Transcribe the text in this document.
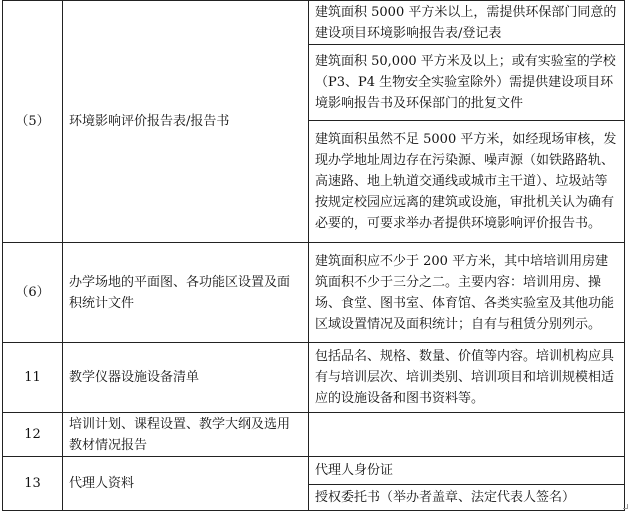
（5）	环境影响评价报告表/报告书	建筑面积 5000 平方米以上，需提供环保部门同意的建设项目环境影响报告表/登记表
		建筑面积 50,000 平方米及以上；或有实验室的学校（P3、P4 生物安全实验室除外）需提供建设项目环境影响报告书及环保部门的批复文件
		建筑面积虽然不足 5000 平方米，如经现场审核，发现办学地址周边存在污染源、噪声源（如铁路路轨、高速路、地上轨道交通线或城市主干道）、垃圾站等按规定校园应远离的建筑或设施，审批机关认为确有必要的，可要求举办者提供环境影响评价报告书。
（6）	办学场地的平面图、各功能区设置及面积统计文件	建筑面积应不少于 200 平方米，其中培培训用房建筑面积不少于三分之二。主要内容：培训用房、操场、食堂、图书室、体育馆、各类实验室及其他功能区域设置情况及面积统计；自有与租赁分别列示。
11	教学仪器设施设备清单	包括品名、规格、数量、价值等内容。培训机构应具有与培训层次、培训类别、培训项目和培训规模相适应的设施设备和图书资料等。
12	培训计划、课程设置、教学大纲及选用教材情况报告	
13	代理人资料	代理人身份证
		授权委托书（举办者盖章、法定代表人签名）
